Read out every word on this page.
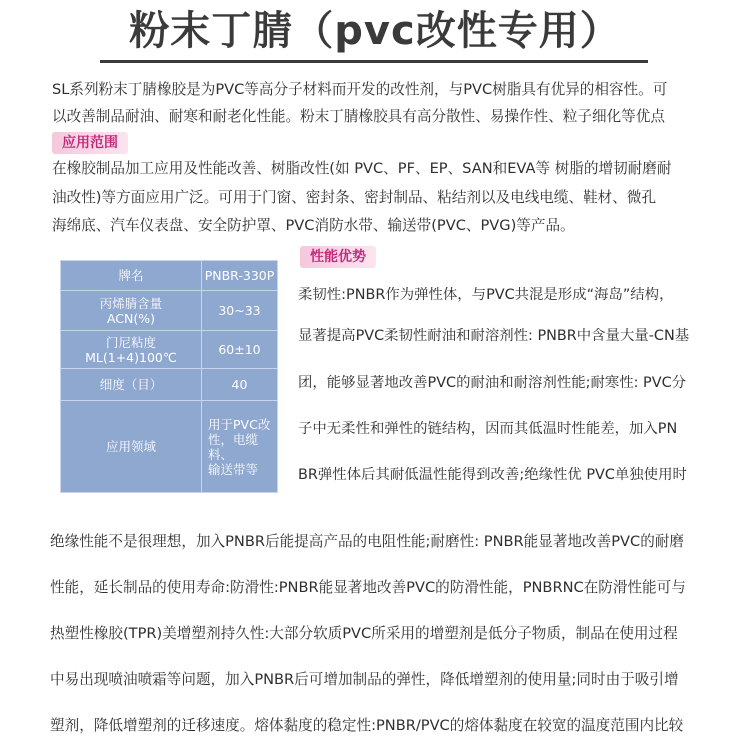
粉末丁腈（pvc改性专用）
SL系列粉末丁腈橡胶是为PVC等高分子材料而开发的改性剂，与PVC树脂具有优异的相容性。可
以改善制品耐油、耐寒和耐老化性能。粉末丁腈橡胶具有高分散性、易操作性、粒子细化等优点
应用范围
在橡胶制品加工应用及性能改善、树脂改性(如 PVC、PF、EP、SAN和EVA等 树脂的增韧耐磨耐
油改性)等方面应用广泛。可用于门窗、密封条、密封制品、粘结剂以及电线电缆、鞋材、微孔
海绵底、汽车仪表盘、安全防护罩、PVC消防水带、输送带(PVC、PVG)等产品。
性能优势
牌名	PNBR-330P
丙烯腈含量
ACN(%)	30~33
门尼粘度
ML(1+4)100℃	60±10
细度（目）	40
应用领域	用于PVC改
性，电缆料、
输送带等
柔韧性:PNBR作为弹性体，与PVC共混是形成“海岛”结构，
显著提高PVC柔韧性耐油和耐溶剂性: PNBR中含量大量-CN基
团，能够显著地改善PVC的耐油和耐溶剂性能;耐寒性: PVC分
子中无柔性和弹性的链结构，因而其低温时性能差，加入PN
BR弹性体后其耐低温性能得到改善;绝缘性优 PVC单独使用时
绝缘性能不是很理想，加入PNBR后能提高产品的电阻性能;耐磨性: PNBR能显著地改善PVC的耐磨
性能，延长制品的使用寿命:防滑性:PNBR能显著地改善PVC的防滑性能，PNBRNC在防滑性能可与
热塑性橡胶(TPR)美增塑剂持久性:大部分软质PVC所采用的增塑剂是低分子物质，制品在使用过程
中易出现喷油喷霜等问题，加入PNBR后可增加制品的弹性，降低增塑剂的使用量;同时由于吸引增
塑剂，降低增塑剂的迁移速度。熔体黏度的稳定性:PNBR/PVC的熔体黏度在较宽的温度范围内比较
